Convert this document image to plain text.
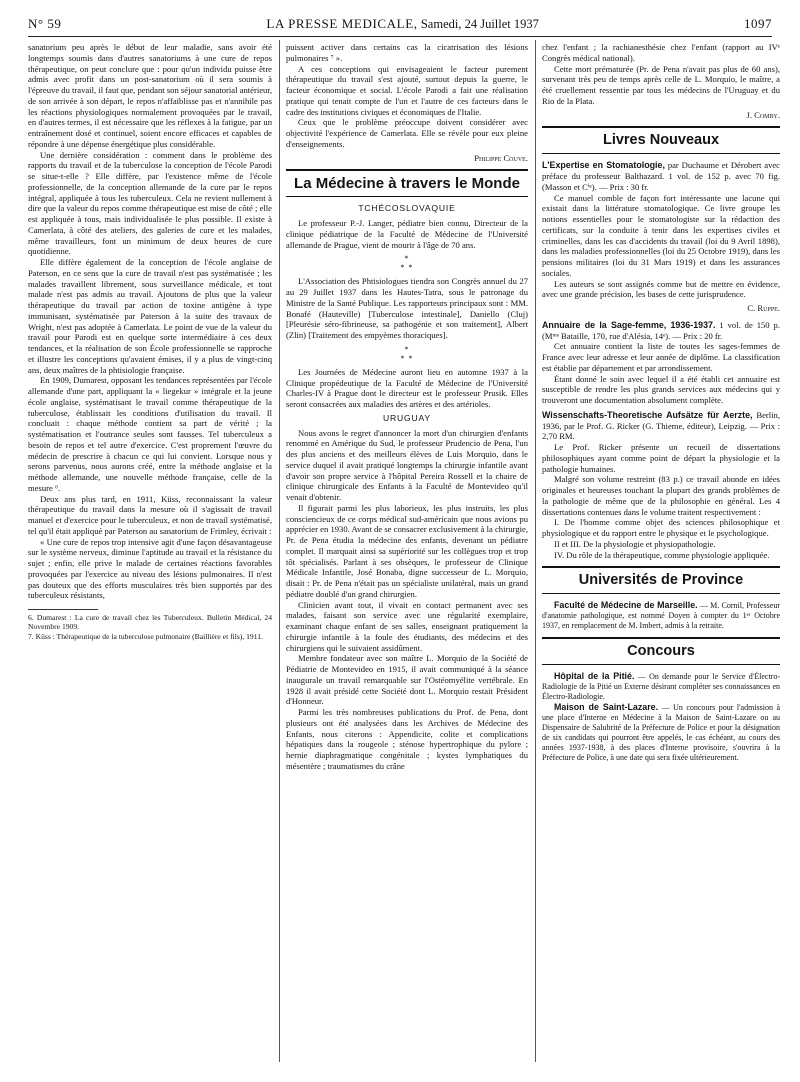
N° 59	LA PRESSE MEDICALE, Samedi, 24 Juillet 1937	1097

sanatorium peu après le début de leur maladie, sans avoir été longtemps soumis dans d'autres sanatoriums à une cure de repos thérapeutique, on peut conclure que : pour qu'un individu puisse être admis avec profit dans un post-sanatorium où il sera soumis à l'épreuve du travail, il faut que, pendant son séjour sanatorial antérieur, de son arrivée à son départ, le repos n'affaiblisse pas et n'annihile pas les réactions physiologiques normalement provoquées par le travail, en d'autres termes, il est nécessaire que les réflexes à la fatigue, par un entraînement dosé et continuel, soient encore efficaces et capables de répondre à une dépense énergétique plus considérable.

Une dernière considération : comment dans le problème des rapports du travail et de la tuberculose la conception de l'école Parodi se situe-t-elle ? Elle diffère, par l'existence même de l'école professionnelle, de la conception allemande de la cure par le repos intégral, appliquée à tous les tuberculeux. Cela ne revient nullement à dire que la valeur du repos comme thérapeutique est mise de côté ; elle est appliquée à tous, mais individualisée le plus possible. Il existe à Camerlata, à côté des ateliers, des galeries de cure et les malades, même travailleurs, font un minimum de deux heures de cure quotidienne.

Elle diffère également de la conception de l'école anglaise de Paterson, en ce sens que la cure de travail n'est pas systématisée ; les malades travaillent librement, sous surveillance médicale, et tout malade n'est pas admis au travail. Ajoutons de plus que la valeur thérapeutique du travail par action de toxine antigène à type immunisant, systématisée par Paterson à la suite des travaux de Wright, n'est pas adoptée à Camerlata. Le point de vue de la valeur du travail pour Parodi est en quelque sorte intermédiaire à ces deux tendances, et la réalisation de son École professionnelle se rapproche et illustre les conceptions qu'avaient émises, il y a plus de vingt-cinq ans, deux maîtres de la phtisiologie française.

En 1909, Dumarest, opposant les tendances représentées par l'école allemande d'une part, appliquant la « liegekur » intégrale et la jeune école anglaise, systématisant le travail comme thérapeutique de la tuberculose, établissait les conditions d'utilisation du travail. Il concluait : chaque méthode contient sa part de vérité ; la systématisation et l'outrance seules sont fausses. Tel tuberculeux a besoin de repos et tel autre d'exercice. C'est proprement l'œuvre du médecin de prescrire à chacun ce qui lui convient. Lorsque nous y serons parvenus, nous aurons créé, entre la méthode anglaise et la méthode allemande, une nouvelle méthode française, celle de la mesure ⁶.

Deux ans plus tard, en 1911, Küss, reconnaissant la valeur thérapeutique du travail dans la mesure où il s'agissait de travail manuel et d'exercice pour le tuberculeux, et non de travail systématisé, tel qu'il était appliqué par Paterson au sanatorium de Frimley, écrivait :

« Une cure de repos trop intensive agit d'une façon désavantageuse sur le système nerveux, diminue l'aptitude au travail et la résistance du sujet ; enfin, elle prive le malade de certaines réactions favorables provoquées par l'exercice au niveau des lésions pulmonaires. Il n'est pas douteux que des efforts musculaires très bien supportés par des tuberculeux résistants,

6. Dumarest : La cure de travail chez les Tuberculeux. Bulletin Médical, 24 Novembre 1909.

7. Küss : Thérapeutique de la tuberculose pulmonaire (Baillière et fils), 1911.

puissent activer dans certains cas la cicatrisation des lésions pulmonaires ⁷ ».

A ces conceptions qui envisageaient le facteur purement thérapeutique du travail s'est ajouté, surtout depuis la guerre, le facteur économique et social. L'école Parodi a fait une réalisation pratique qui tenait compte de l'un et l'autre de ces facteurs dans le cadre des institutions civiques et économiques de l'Italie.

Ceux que le problème préoccupe doivent considérer avec objectivité l'expérience de Camerlata. Elle se révèle pour eux pleine d'enseignements.

Philippe Couve.
La Médecine à travers le Monde
TCHÉCOSLOVAQUIE

Le professeur P.-J. Langer, pédiatre bien connu, Directeur de la clinique pédiatrique de la Faculté de Médecine de l'Université allemande de Prague, vient de mourir à l'âge de 70 ans.

*
* *

L'Association des Phtisiologues tiendra son Congrès annuel du 27 au 29 Juillet 1937 dans les Hautes-Tatra, sous le patronage du Ministre de la Santé Publique. Les rapporteurs principaux sont : MM. Bonafé (Hauteville) [Tuberculose intestinale], Daniello (Cluj) [Pleurésie séro-fibrineuse, sa pathogénie et son traitement], Albert (Zlin) [Traitement des empyèmes thoraciques].

*
* *

Les Journées de Médecine auront lieu en automne 1937 à la Clinique propédeutique de la Faculté de Médecine de l'Université Charles-IV à Prague dont le directeur est le professeur Prusik. Elles seront consacrées aux maladies des artères et des artérioles.

URUGUAY

Nous avons le regret d'annoncer la mort d'un chirurgien d'enfants renommé en Amérique du Sud, le professeur Prudencio de Pena, l'un des plus anciens et des meilleurs élèves de Luis Morquio, dans le service duquel il avait pratiqué longtemps la chirurgie infantile avant d'avoir son propre service à l'hôpital Pereira Rossell et la chaire de clinique chirurgicale des Enfants à la Faculté de Montevideo qu'il venait d'obtenir.

Il figurait parmi les plus laborieux, les plus instruits, les plus consciencieux de ce corps médical sud-américain que nous avions pu apprécier en 1930. Avant de se consacrer exclusivement à la chirurgie, Pr. de Pena étudia la médecine des enfants, devenant un pédiatre complet. Il marquait ainsi sa supériorité sur les collègues trop et trop tôt spécialisés. Parlant à ses obsèques, le professeur de Clinique Médicale Infantile, José Bonaba, digne successeur de L. Morquio, disait : Pr. de Pena n'était pas un spécialiste unilatéral, mais un grand pédiatre doublé d'un grand chirurgien.

Clinicien avant tout, il vivait en contact permanent avec ses malades, faisant son service avec une régularité exemplaire, examinant chaque enfant de ses salles, enseignant pratiquement la chirurgie infantile à la foule des étudiants, des médecins et des chirurgiens qui le suivaient assidûment.

Membre fondateur avec son maître L. Morquio de la Société de Pédiatrie de Montevideo en 1915, il avait communiqué à la séance inaugurale un travail remarquable sur l'Ostéomyélite vertébrale. En 1928 il avait présidé cette Société dont L. Morquio restait Président d'Honneur.

Parmi les très nombreuses publications du Prof. de Pena, dont plusieurs ont été analysées dans les Archives de Médecine des Enfants, nous citerons : Appendicite, colite et complications hépatiques dans la rougeole ; sténose hypertrophique du pylore ; hernie diaphragmatique congénitale ; kystes lymphatiques du mésentère ; traumatismes du crâne

chez l'enfant ; la rachianesthésie chez l'enfant (rapport au IVᵉ Congrès médical national).

Cette mort prématurée (Pr. de Pena n'avait pas plus de 60 ans), survenant très peu de temps après celle de L. Morquio, le maître, a été cruellement ressentie par tous les médecins de l'Uruguay et du Rio de la Plata.

J. Comby.
Livres Nouveaux

L'Expertise en Stomatologie, par Duchaume et Dérobert avec préface du professeur Balthazard. 1 vol. de 152 p. avec 70 fig. (Masson et Cⁱᵉ). — Prix : 30 fr.

Ce manuel comble de façon fort intéressante une lacune qui existait dans la littérature stomatologique. Ce livre groupe les notions essentielles pour le stomatologiste sur la rédaction des certificats, sur la conduite à tenir dans les expertises civiles et criminelles, dans les cas d'accidents du travail (loi du 9 Avril 1898), dans les maladies professionnelles (loi du 25 Octobre 1919), dans les pensions militaires (loi du 31 Mars 1919) et dans les assurances sociales.

Les auteurs se sont assignés comme but de mettre en évidence, avec une grande précision, les bases de cette jurisprudence.

C. Ruppe.

Annuaire de la Sage-femme, 1936-1937. 1 vol. de 150 p. (Mᵐᵉ Bataille, 170, rue d'Alésia, 14ᵉ). — Prix : 20 fr.

Cet annuaire contient la liste de toutes les sages-femmes de France avec leur adresse et leur année de diplôme. La classification est établie par département et par arrondissement.

Étant donné le soin avec lequel il a été établi cet annuaire est susceptible de rendre les plus grands services aux médecins qui y trouveront une documentation absolument complète.

Wissenschafts-Theoretische Aufsätze für Aerzte, Berlin, 1936, par le Prof. G. Ricker (G. Thieme, éditeur), Leipzig. — Prix : 2,70 RM.

Le Prof. Ricker présente un recueil de dissertations philosophiques ayant comme point de départ la physiologie et la pathologie humaines.

Malgré son volume restreint (83 p.) ce travail abonde en idées originales et heureuses touchant la plupart des grands problèmes de la pathologie de même que de la philosophie en général. Les 4 dissertations contenues dans le volume traitent respectivement :

I. De l'homme comme objet des sciences philosophique et physiologique et du rapport entre le physique et le psychologique.

II et III. De la physiologie et physiopathologie.

IV. Du rôle de la thérapeutique, comme physiologie appliquée.

Universités de Province

Faculté de Médecine de Marseille. — M. Cornil, Professeur d'anatomie pathologique, est nommé Doyen à compter du 1ᵉʳ Octobre 1937, en remplacement de M. Imbert, admis à la retraite.

Concours

Hôpital de la Pitié. — On demande pour le Service d'Électro-Radiologie de la Pitié un Externe désirant compléter ses connaissances en Électro-Radiologie.

Maison de Saint-Lazare. — Un concours pour l'admission à une place d'Interne en Médecine à la Maison de Saint-Lazare ou au Dispensaire de Salubrité de la Préfecture de Police et pour la désignation de six candidats qui pourront être appelés, le cas échéant, au cours des années 1937-1938, à des places d'Interne provisoire, s'ouvrira à la Préfecture de Police, à une date qui sera fixée ultérieurement.
